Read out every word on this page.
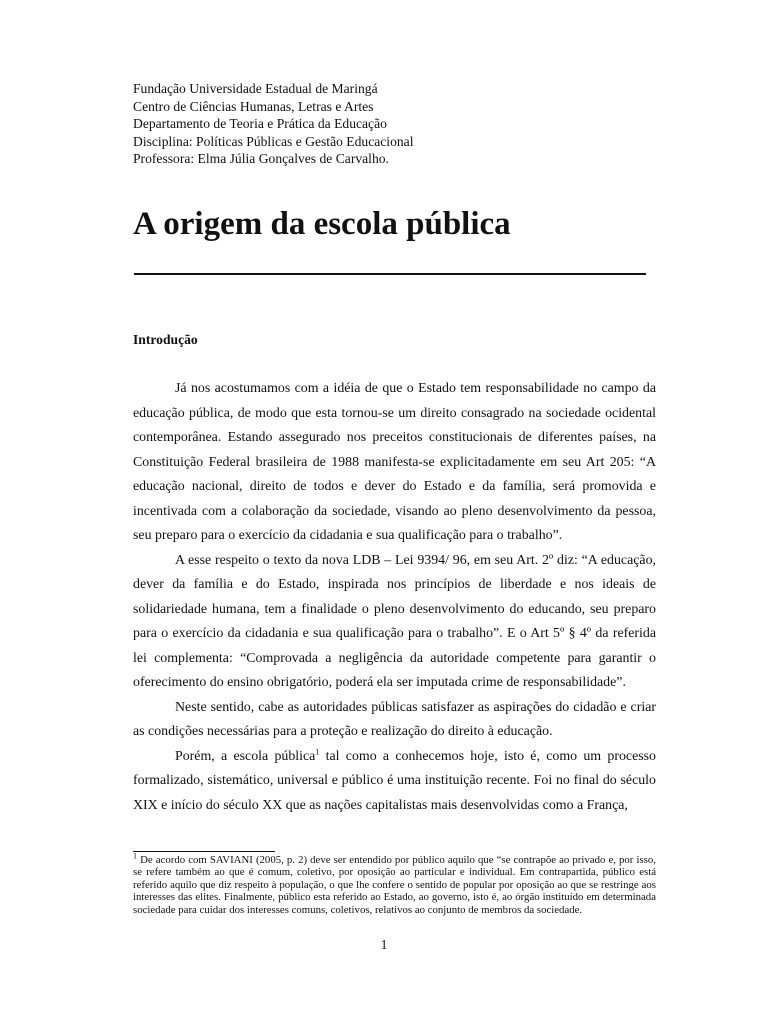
Fundação Universidade Estadual de Maringá
Centro de Ciências Humanas, Letras e Artes
Departamento de Teoria e Prática da Educação
Disciplina: Políticas Públicas e Gestão Educacional
Professora: Elma Júlia Gonçalves de Carvalho.
A origem da escola pública
Introdução

Já nos acostumamos com a idéia de que o Estado tem responsabilidade no campo da educação pública, de modo que esta tornou-se um direito consagrado na sociedade ocidental contemporânea. Estando assegurado nos preceitos constitucionais de diferentes países, na Constituição Federal brasileira de 1988 manifesta-se explicitadamente em seu Art 205: “A educação nacional, direito de todos e dever do Estado e da família, será promovida e incentivada com a colaboração da sociedade, visando ao pleno desenvolvimento da pessoa, seu preparo para o exercício da cidadania e sua qualificação para o trabalho”.

A esse respeito o texto da nova LDB – Lei 9394/ 96, em seu Art. 2º diz: “A educação, dever da família e do Estado, inspirada nos princípios de liberdade e nos ideais de solidariedade humana, tem a finalidade o pleno desenvolvimento do educando, seu preparo para o exercício da cidadania e sua qualificação para o trabalho”. E o Art 5º § 4º da referida lei complementa: “Comprovada a negligência da autoridade competente para garantir o oferecimento do ensino obrigatório, poderá ela ser imputada crime de responsabilidade”.

Neste sentido, cabe as autoridades públicas satisfazer as aspirações do cidadão e criar as condições necessárias para a proteção e realização do direito à educação.

Porém, a escola pública$^1$ tal como a conhecemos hoje, isto é, como um processo formalizado, sistemático, universal e público é uma instituição recente. Foi no final do século XIX e início do século XX que as nações capitalistas mais desenvolvidas como a França,

$^1$ De acordo com SAVIANI (2005, p. 2) deve ser entendido por público aquilo que “se contrapõe ao privado e, por isso, se refere também ao que é comum, coletivo, por oposição ao particular e individual. Em contrapartida, público está referido aquilo que diz respeito à população, o que lhe confere o sentido de popular por oposição ao que se restringe aos interesses das elites. Finalmente, público esta referido ao Estado, ao governo, isto é, ao órgão instituído em determinada sociedade para cuidar dos interesses comuns, coletivos, relativos ao conjunto de membros da sociedade.

1
